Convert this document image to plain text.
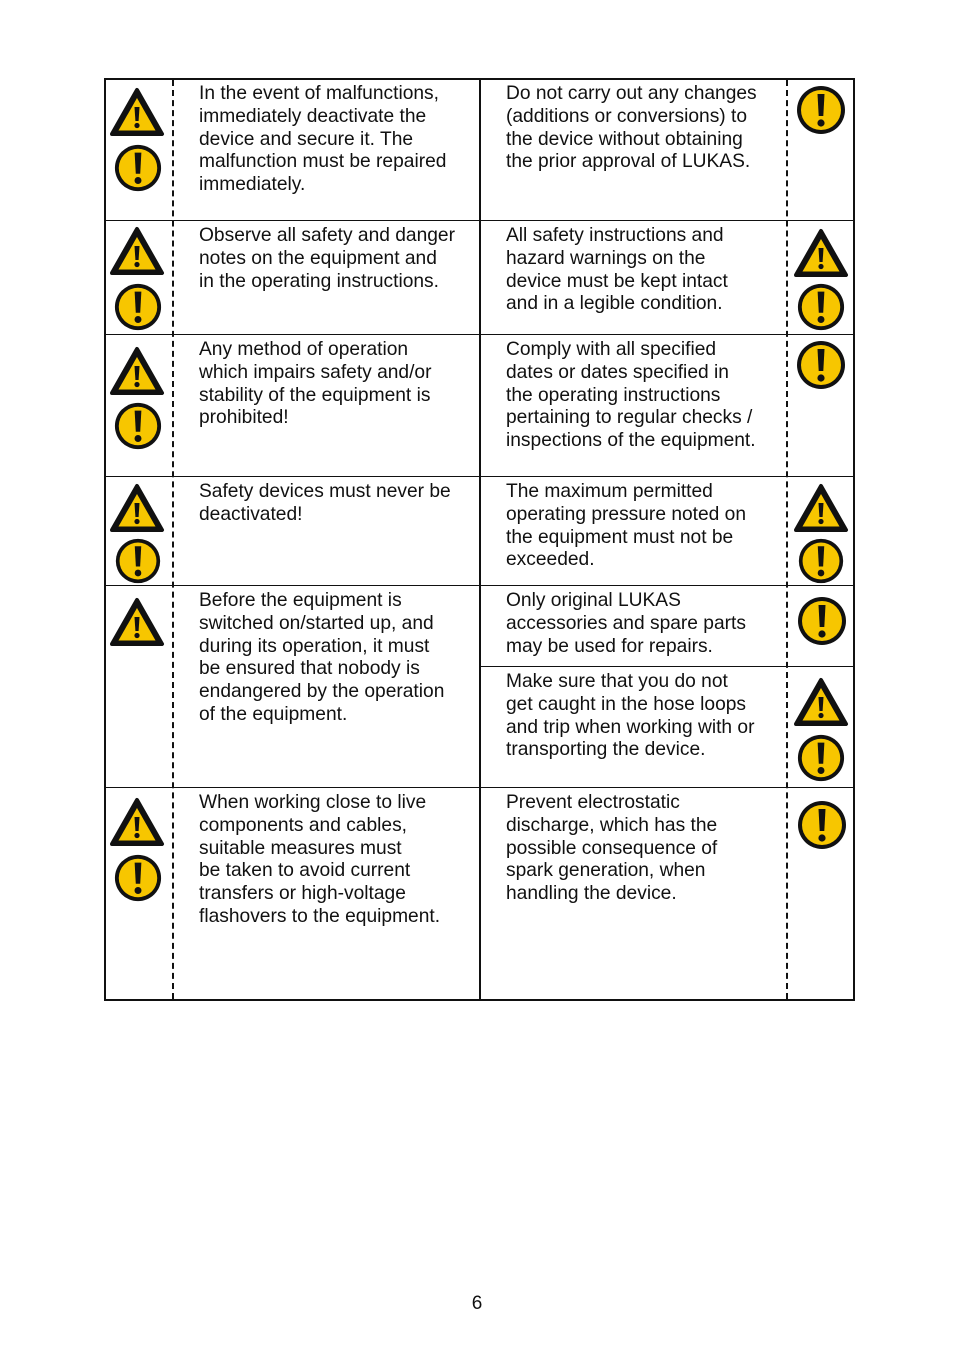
In the event of malfunctions,
immediately deactivate the
device and secure it. The
malfunction must be repaired
immediately.
Do not carry out any changes
(additions or conversions) to
the device without obtaining
the prior approval of LUKAS.
Observe all safety and danger
notes on the equipment and
in the operating instructions.
All safety instructions and
hazard warnings on the
device must be kept intact
and in a legible condition.
Any method of operation
which impairs safety and/or
stability of the equipment is
prohibited!
Comply with all specified
dates or dates specified in
the operating instructions
pertaining to regular checks /
inspections of the equipment.
Safety devices must never be
deactivated!
The maximum permitted
operating pressure noted on
the equipment must not be
exceeded.
Before the equipment is
switched on/started up, and
during its operation, it must
be ensured that nobody is
endangered by the operation
of the equipment.
Only original LUKAS
accessories and spare parts
may be used for repairs.
Make sure that you do not
get caught in the hose loops
and trip when working with or
transporting the device.
When working close to live
components and cables,
suitable measures must
be taken to avoid current
transfers or high-voltage
flashovers to the equipment.
Prevent electrostatic
discharge, which has the
possible consequence of
spark generation, when
handling the device.
6
